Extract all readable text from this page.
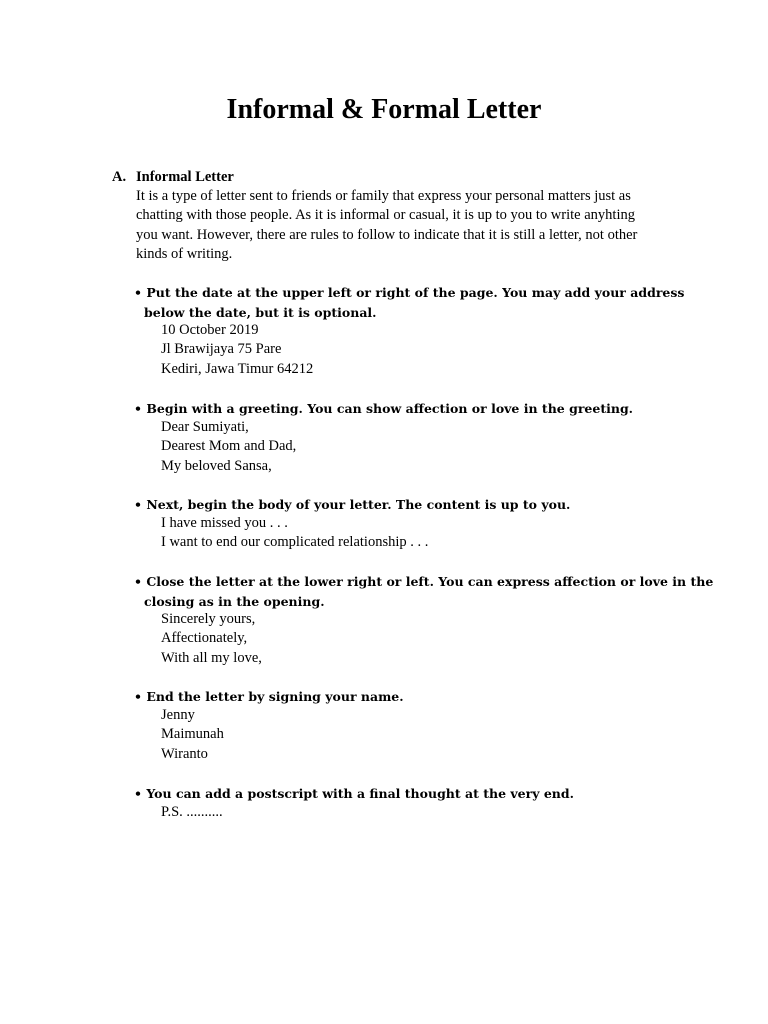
Informal & Formal Letter
A. Informal Letter
It is a type of letter sent to friends or family that express your personal matters just as
chatting with those people. As it is informal or casual, it is up to you to write anyhting
you want. However, there are rules to follow to indicate that it is still a letter, not other
kinds of writing.
• Put the date at the upper left or right of the page. You may add your address
below the date, but it is optional.
10 October 2019
Jl Brawijaya 75 Pare
Kediri, Jawa Timur 64212
• Begin with a greeting. You can show affection or love in the greeting.
Dear Sumiyati,
Dearest Mom and Dad,
My beloved Sansa,
• Next, begin the body of your letter. The content is up to you.
I have missed you . . .
I want to end our complicated relationship . . .
• Close the letter at the lower right or left. You can express affection or love in the
closing as in the opening.
Sincerely yours,
Affectionately,
With all my love,
• End the letter by signing your name.
Jenny
Maimunah
Wiranto
• You can add a postscript with a final thought at the very end.
P.S. ..........
